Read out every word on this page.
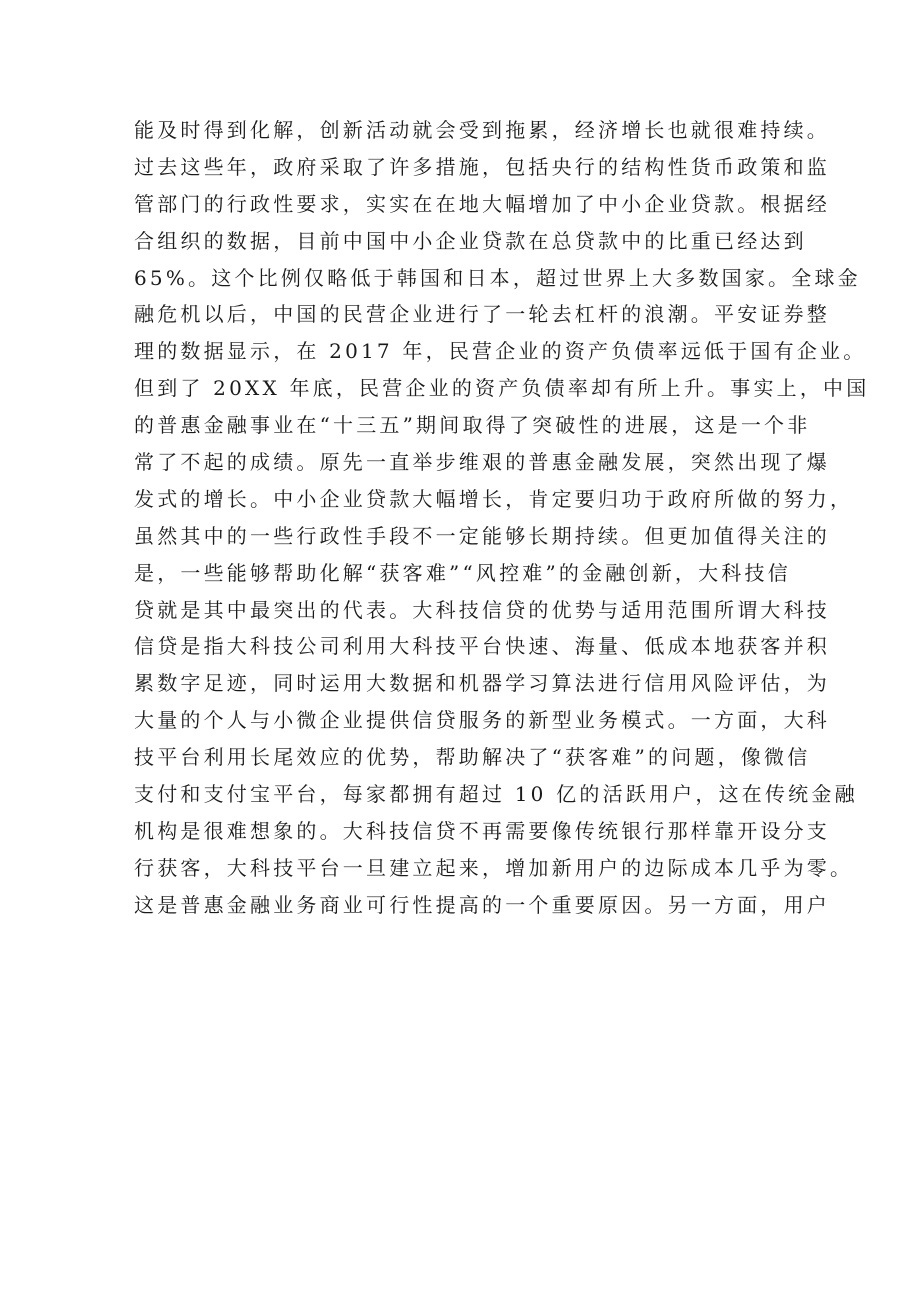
能及时得到化解，创新活动就会受到拖累，经济增长也就很难持续。
过去这些年，政府采取了许多措施，包括央行的结构性货币政策和监
管部门的行政性要求，实实在在地大幅增加了中小企业贷款。根据经
合组织的数据，目前中国中小企业贷款在总贷款中的比重已经达到
65%。这个比例仅略低于韩国和日本，超过世界上大多数国家。全球金
融危机以后，中国的民营企业进行了一轮去杠杆的浪潮。平安证券整
理的数据显示，在 2017 年，民营企业的资产负债率远低于国有企业。
但到了 20XX 年底，民营企业的资产负债率却有所上升。事实上，中国
的普惠金融事业在“十三五”期间取得了突破性的进展，这是一个非
常了不起的成绩。原先一直举步维艰的普惠金融发展，突然出现了爆
发式的增长。中小企业贷款大幅增长，肯定要归功于政府所做的努力，
虽然其中的一些行政性手段不一定能够长期持续。但更加值得关注的
是，一些能够帮助化解“获客难”“风控难”的金融创新，大科技信
贷就是其中最突出的代表。大科技信贷的优势与适用范围所谓大科技
信贷是指大科技公司利用大科技平台快速、海量、低成本地获客并积
累数字足迹，同时运用大数据和机器学习算法进行信用风险评估，为
大量的个人与小微企业提供信贷服务的新型业务模式。一方面，大科
技平台利用长尾效应的优势，帮助解决了“获客难”的问题，像微信
支付和支付宝平台，每家都拥有超过 10 亿的活跃用户，这在传统金融
机构是很难想象的。大科技信贷不再需要像传统银行那样靠开设分支
行获客，大科技平台一旦建立起来，增加新用户的边际成本几乎为零。
这是普惠金融业务商业可行性提高的一个重要原因。另一方面，用户
